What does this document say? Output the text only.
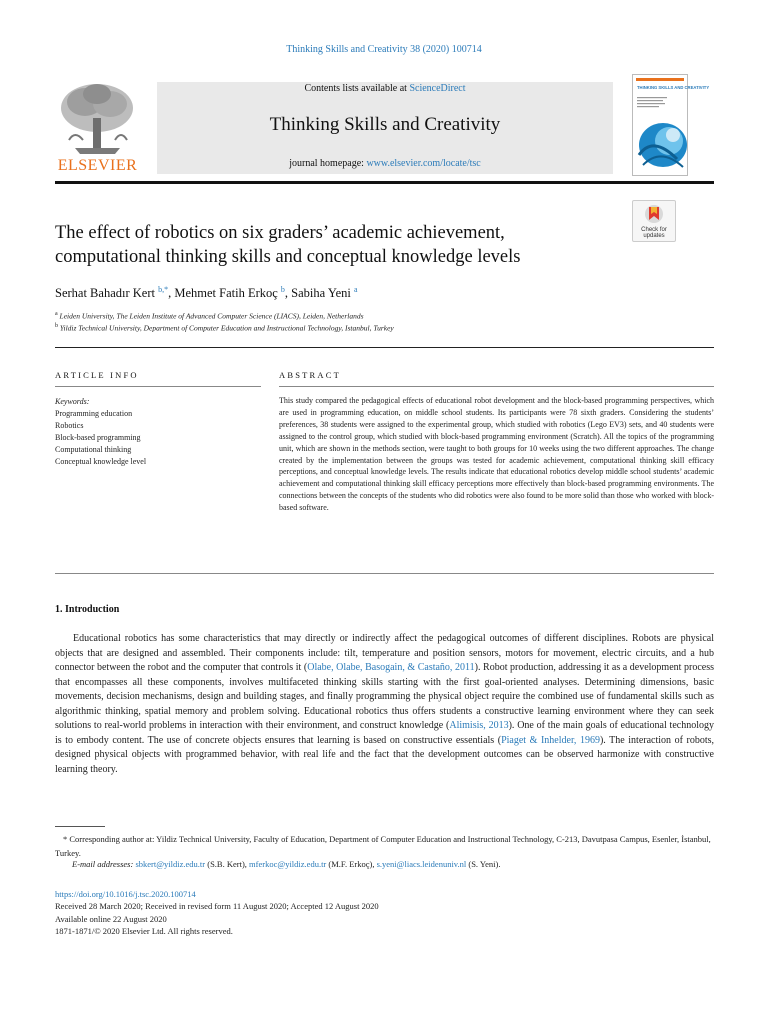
Thinking Skills and Creativity 38 (2020) 100714
ELSEVIER
Contents lists available at ScienceDirect
Thinking Skills and Creativity
journal homepage: www.elsevier.com/locate/tsc
THINKING SKILLS AND CREATIVITY
Check for updates
The effect of robotics on six graders’ academic achievement, computational thinking skills and conceptual knowledge levels
Serhat Bahadır Kert $^{b,*}$, Mehmet Fatih Erkoç $^b$, Sabiha Yeni $^a$
$^a$ Leiden University, The Leiden Institute of Advanced Computer Science (LIACS), Leiden, Netherlands
$^b$ Yildiz Technical University, Department of Computer Education and Instructional Technology, Istanbul, Turkey
ARTICLE INFO	ABSTRACT
Keywords:
Programming education
Robotics
Block-based programming
Computational thinking
Conceptual knowledge level
This study compared the pedagogical effects of educational robot development and the block-based programming perspectives, which are used in programming education, on middle school students. Its participants were 78 sixth graders. Considering the students’ preferences, 38 students were assigned to the experimental group, which studied with robotics (Lego EV3) sets, and 40 students were assigned to the control group, which studied with block-based programming environment (Scratch). All the topics of the programming unit, which are shown in the methods section, were taught to both groups for 10 weeks using the two different approaches. The change created by the implementation between the groups was tested for academic achievement, computational thinking skill efficacy perceptions, and conceptual knowledge levels. The results indicate that educational robotics develop middle school students’ academic achievement and computational thinking skill efficacy perceptions more effectively than block-based programming environments. The connections between the concepts of the students who did robotics were also found to be more solid than those who worked with block-based software.
1. Introduction
Educational robotics has some characteristics that may directly or indirectly affect the pedagogical outcomes of different disciplines. Robots are physical objects that are designed and assembled. Their components include: tilt, temperature and position sensors, motors for movement, electric circuits, and a hub connector between the robot and the computer that controls it (Olabe, Olabe, Basogain, & Castaño, 2011). Robot production, addressing it as a development process that encompasses all these components, involves multifaceted thinking skills starting with the first goal-oriented analyses. Determining dimensions, basic movements, decision mechanisms, design and building stages, and finally programming the physical object require the combined use of fundamental skills such as algorithmic thinking, spatial memory and problem solving. Educational robotics thus offers students a constructive learning environment where they can seek solutions to real-world problems in interaction with their environment, and construct knowledge (Alimisis, 2013). One of the main goals of educational technology is to embody content. The use of concrete objects ensures that learning is based on constructive essentials (Piaget & Inhelder, 1969). The interaction of robots, designed physical objects with programmed behavior, with real life and the fact that the development outcomes can be observed harmonize with constructive learning theory.
* Corresponding author at: Yildiz Technical University, Faculty of Education, Department of Computer Education and Instructional Technology, C-213, Davutpasa Campus, Esenler, İstanbul, Turkey.
E-mail addresses: sbkert@yildiz.edu.tr (S.B. Kert), mferkoc@yildiz.edu.tr (M.F. Erkoç), s.yeni@liacs.leidenuniv.nl (S. Yeni).
https://doi.org/10.1016/j.tsc.2020.100714
Received 28 March 2020; Received in revised form 11 August 2020; Accepted 12 August 2020
Available online 22 August 2020
1871-1871/© 2020 Elsevier Ltd. All rights reserved.
